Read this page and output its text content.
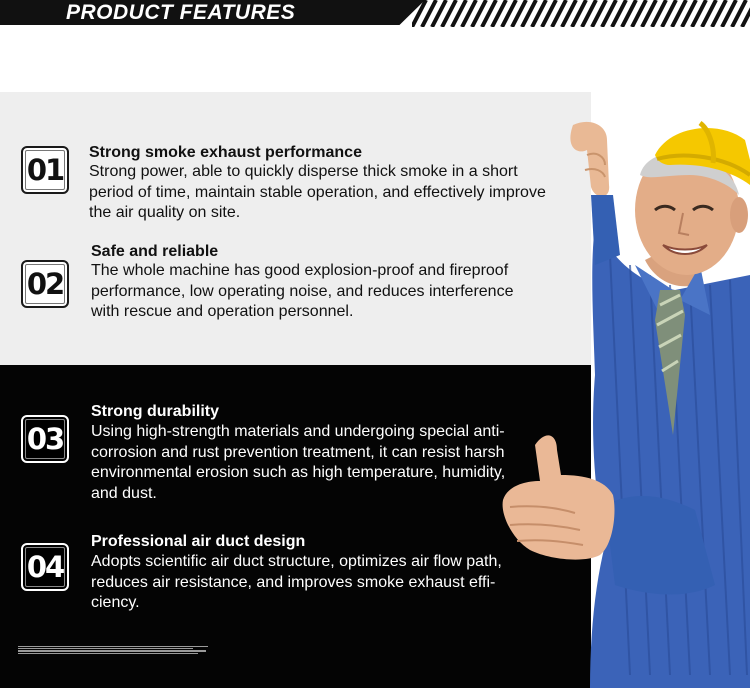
PRODUCT FEATURES
01
Strong smoke exhaust performance
Strong power, able to quickly disperse thick smoke in a short period of time, maintain stable operation, and effectively improve the air quality on site.
02
Safe and reliable
The whole machine has good explosion-proof and fireproof performance, low operating noise, and reduces interference with rescue and operation personnel.
03
Strong durability
Using high-strength materials and undergoing special anti-corrosion and rust prevention treatment, it can resist harsh environmental erosion such as high temperature, humidity, and dust.
04
Professional air duct design
Adopts scientific air duct structure, optimizes air flow path, reduces air resistance, and improves smoke exhaust effi-ciency.
